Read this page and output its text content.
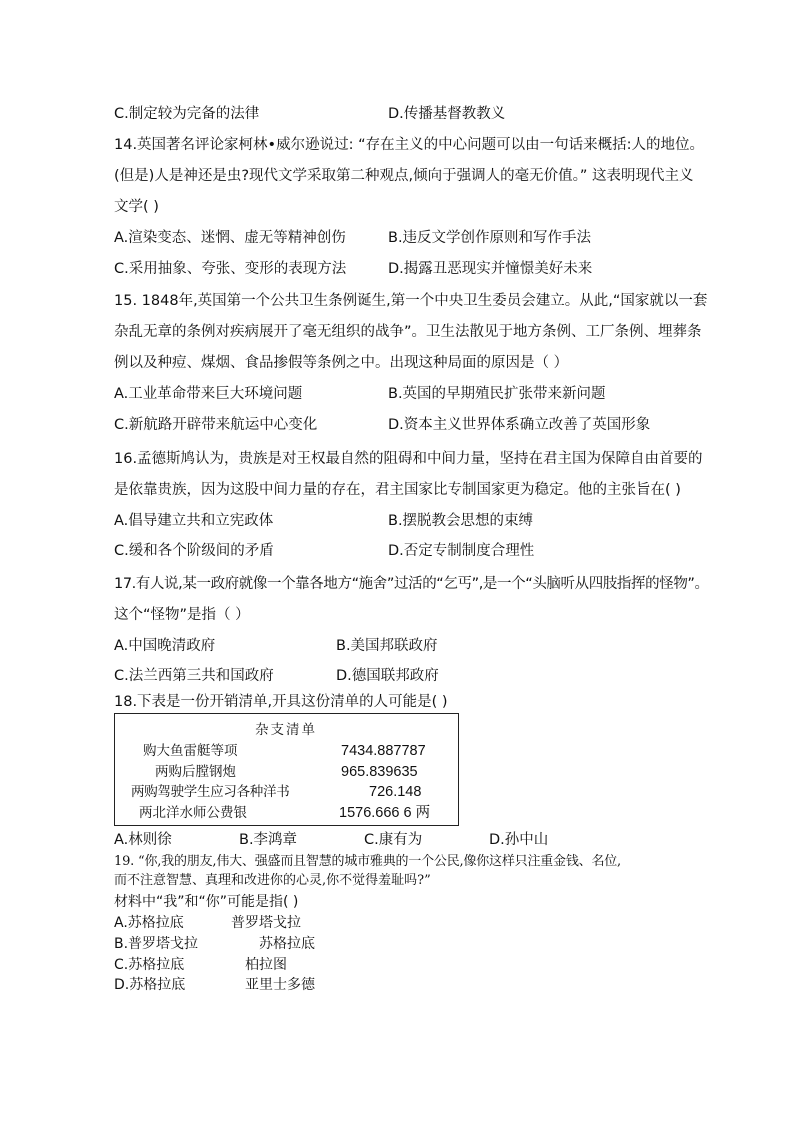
C.制定较为完备的法律	D.传播基督教教义
14.英国著名评论家柯林•威尔逊说过: “存在主义的中心问题可以由一句话来概括:人的地位。
(但是)人是神还是虫?现代文学采取第二种观点,倾向于强调人的毫无价值。” 这表明现代主义
文学( )
A.渲染变态、迷惘、虚无等精神创伤	B.违反文学创作原则和写作手法
C.采用抽象、夸张、变形的表现方法	D.揭露丑恶现实并憧憬美好未来
15. 1848年,英国第一个公共卫生条例诞生,第一个中央卫生委员会建立。从此,“国家就以一套
杂乱无章的条例对疾病展开了毫无组织的战争”。卫生法散见于地方条例、工厂条例、埋葬条
例以及种痘、煤烟、食品掺假等条例之中。出现这种局面的原因是（ ）
A.工业革命带来巨大环境问题	B.英国的早期殖民扩张带来新问题
C.新航路开辟带来航运中心变化	D.资本主义世界体系确立改善了英国形象
16.孟德斯鸠认为，贵族是对王权最自然的阻碍和中间力量，坚持在君主国为保障自由首要的
是依靠贵族，因为这股中间力量的存在，君主国家比专制国家更为稳定。他的主张旨在( )
A.倡导建立共和立宪政体	B.摆脱教会思想的束缚
C.缓和各个阶级间的矛盾	D.否定专制制度合理性
17.有人说,某一政府就像一个靠各地方“施舍”过活的“乞丐”,是一个“头脑听从四肢指挥的怪物”。
这个“怪物”是指（ ）
A.中国晚清政府	B.美国邦联政府
C.法兰西第三共和国政府	D.德国联邦政府
18.下表是一份开销清单,开具这份清单的人可能是( )
杂支清单
购大鱼雷艇等项	7434.887787
两购后膛钢炮	965.839635
两购驾驶学生应习各种洋书	726.148
两北洋水师公费银	1576.666 6 两
A.林则徐	B.李鸿章	C.康有为	D.孙中山
19. “你,我的朋友,伟大、强盛而且智慧的城市雅典的一个公民,像你这样只注重金钱、名位,
而不注意智慧、真理和改进你的心灵,你不觉得羞耻吗?”
材料中“我”和“你”可能是指( )
A.苏格拉底	普罗塔戈拉
B.普罗塔戈拉	苏格拉底
C.苏格拉底	柏拉图
D.苏格拉底	亚里士多德
